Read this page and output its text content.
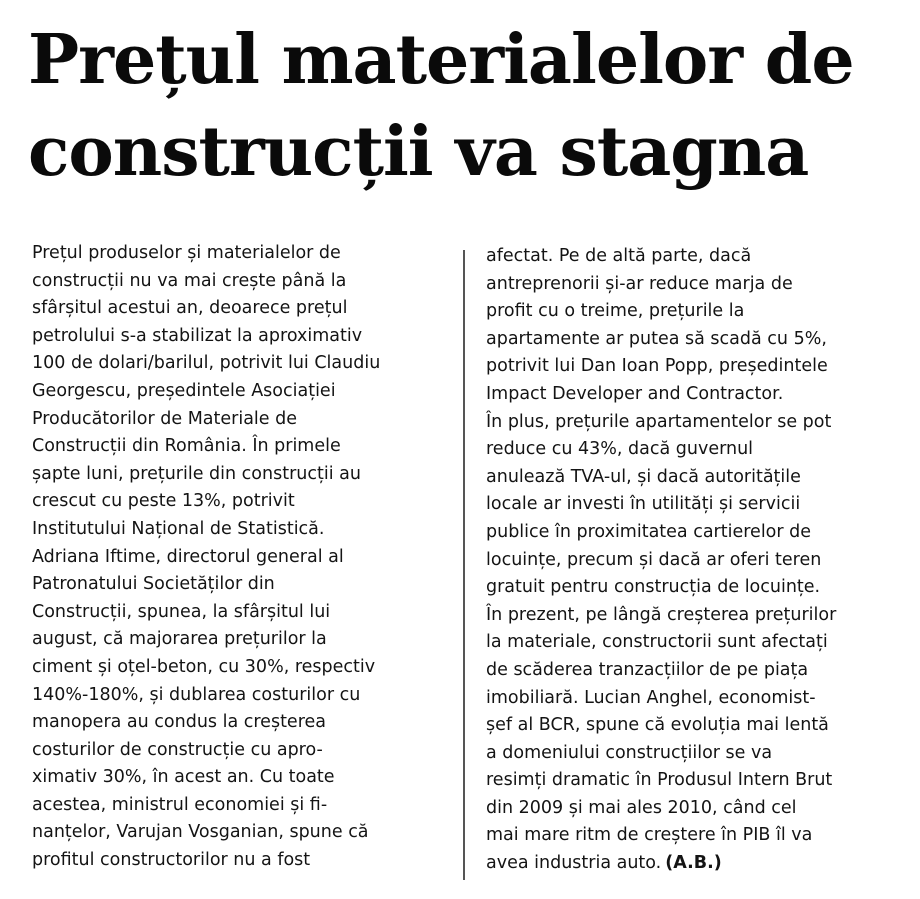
Prețul materialelor de
construcții va stagna
Prețul produselor și materialelor de
construcții nu va mai crește până la
sfârșitul acestui an, deoarece prețul
petrolului s-a stabilizat la aproximativ
100 de dolari/barilul, potrivit lui Claudiu
Georgescu, președintele Asociației
Producătorilor de Materiale de
Construcții din România. În primele
șapte luni, prețurile din construcții au
crescut cu peste 13%, potrivit
Institutului Național de Statistică.
Adriana Iftime, directorul general al
Patronatului Societăților din
Construcții, spunea, la sfârșitul lui
august, că majorarea prețurilor la
ciment și oțel-beton, cu 30%, respectiv
140%-180%, și dublarea costurilor cu
manopera au condus la creșterea
costurilor de construcție cu apro-
ximativ 30%, în acest an. Cu toate
acestea, ministrul economiei și fi-
nanțelor, Varujan Vosganian, spune că
profitul constructorilor nu a fost
afectat. Pe de altă parte, dacă
antreprenorii și-ar reduce marja de
profit cu o treime, prețurile la
apartamente ar putea să scadă cu 5%,
potrivit lui Dan Ioan Popp, președintele
Impact Developer and Contractor.
În plus, prețurile apartamentelor se pot
reduce cu 43%, dacă guvernul
anulează TVA-ul, și dacă autoritățile
locale ar investi în utilități și servicii
publice în proximitatea cartierelor de
locuințe, precum și dacă ar oferi teren
gratuit pentru construcția de locuințe.
În prezent, pe lângă creșterea prețurilor
la materiale, constructorii sunt afectați
de scăderea tranzacțiilor de pe piața
imobiliară. Lucian Anghel, economist-
șef al BCR, spune că evoluția mai lentă
a domeniului construcțiilor se va
resimți dramatic în Produsul Intern Brut
din 2009 și mai ales 2010, când cel
mai mare ritm de creștere în PIB îl va
avea industria auto. (A.B.)
